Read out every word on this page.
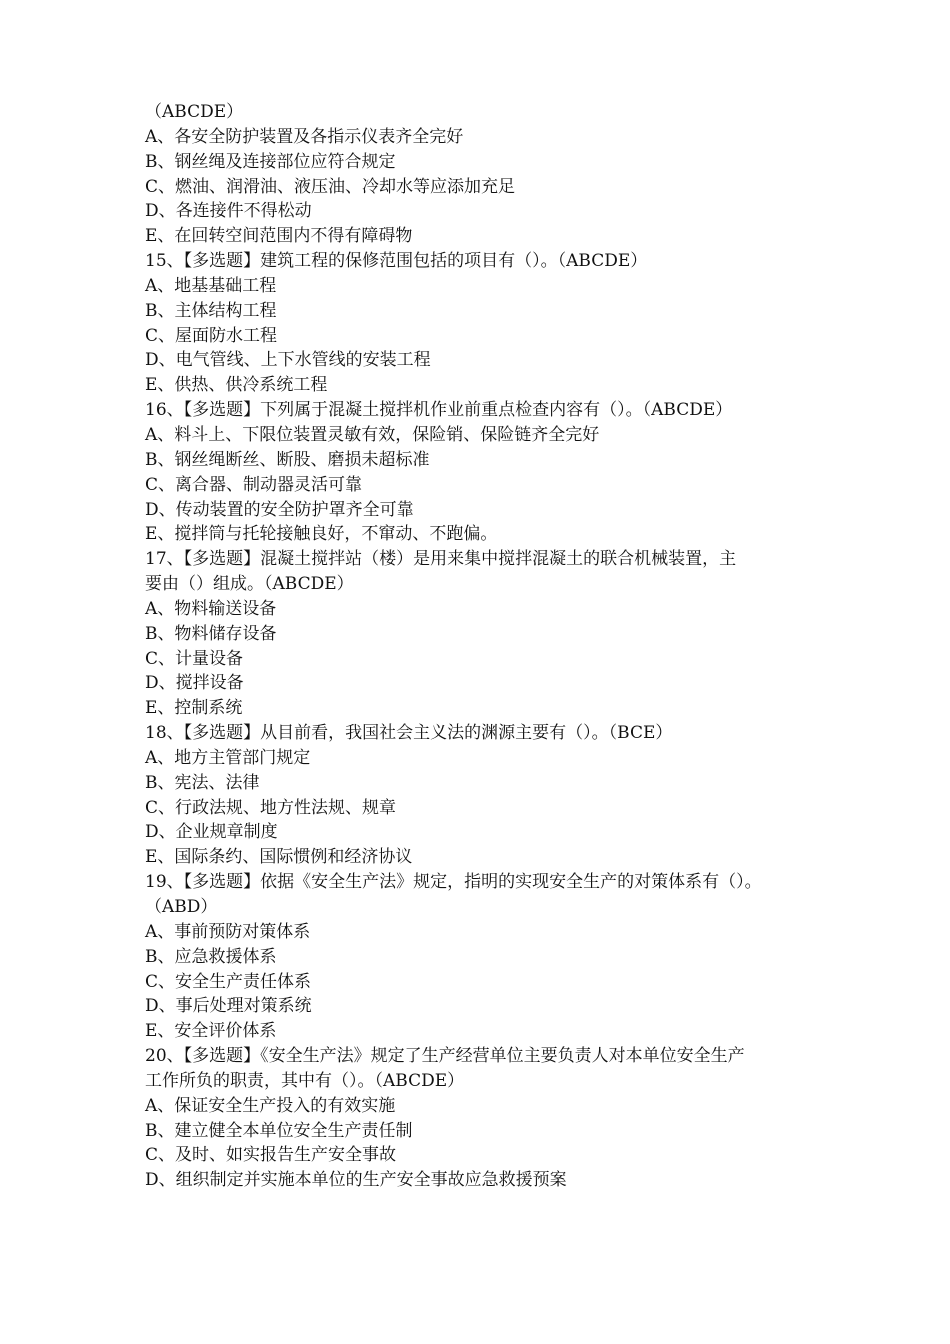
（ABCDE）

A、各安全防护装置及各指示仪表齐全完好

B、钢丝绳及连接部位应符合规定

C、燃油、润滑油、液压油、冷却水等应添加充足

D、各连接件不得松动

E、在回转空间范围内不得有障碍物

15、【多选题】建筑工程的保修范围包括的项目有（）。（ABCDE）

A、地基基础工程

B、主体结构工程

C、屋面防水工程

D、电气管线、上下水管线的安装工程

E、供热、供冷系统工程

16、【多选题】下列属于混凝土搅拌机作业前重点检查内容有（）。（ABCDE）

A、料斗上、下限位装置灵敏有效，保险销、保险链齐全完好

B、钢丝绳断丝、断股、磨损未超标准

C、离合器、制动器灵活可靠

D、传动装置的安全防护罩齐全可靠

E、搅拌筒与托轮接触良好，不窜动、不跑偏。

17、【多选题】混凝土搅拌站（楼）是用来集中搅拌混凝土的联合机械装置，主

要由（）组成。（ABCDE）

A、物料输送设备

B、物料储存设备

C、计量设备

D、搅拌设备

E、控制系统

18、【多选题】从目前看，我国社会主义法的渊源主要有（）。（BCE）

A、地方主管部门规定

B、宪法、法律

C、行政法规、地方性法规、规章

D、企业规章制度

E、国际条约、国际惯例和经济协议

19、【多选题】依据《安全生产法》规定，指明的实现安全生产的对策体系有（）。

（ABD）

A、事前预防对策体系

B、应急救援体系

C、安全生产责任体系

D、事后处理对策系统

E、安全评价体系

20、【多选题】《安全生产法》规定了生产经营单位主要负责人对本单位安全生产

工作所负的职责，其中有（）。（ABCDE）

A、保证安全生产投入的有效实施

B、建立健全本单位安全生产责任制

C、及时、如实报告生产安全事故

D、组织制定并实施本单位的生产安全事故应急救援预案
